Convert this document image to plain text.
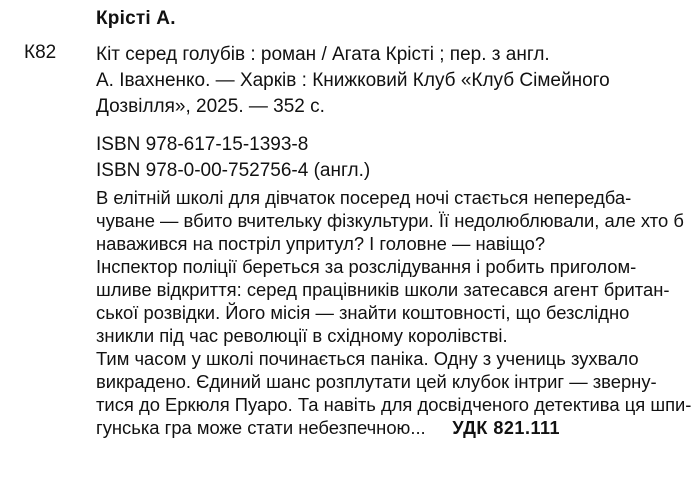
Крісті А.
К82 Кіт серед голубів : роман / Агата Крісті ; пер. з англ.
А. Івахненко. — Харків : Книжковий Клуб «Клуб Сімейного
Дозвілля», 2025. — 352 с.
ISBN 978-617-15-1393-8
ISBN 978-0-00-752756-4 (англ.)
В елітній школі для дівчаток посеред ночі стається непередба-
чуване — вбито вчительку фізкультури. Її недолюблювали, але хто б
наважився на постріл упритул? І головне — навіщо?
Інспектор поліції береться за розслідування і робить приголом-
шливе відкриття: серед працівників школи затесався агент британ-
ської розвідки. Його місія — знайти коштовності, що безслідно
зникли під час революції в східному королівстві.
Тим часом у школі починається паніка. Одну з учениць зухвало
викрадено. Єдиний шанс розплутати цей клубок інтриг — зверну-
тися до Еркюля Пуаро. Та навіть для досвідченого детектива ця шпи-
гунська гра може стати небезпечною...	УДК 821.111
